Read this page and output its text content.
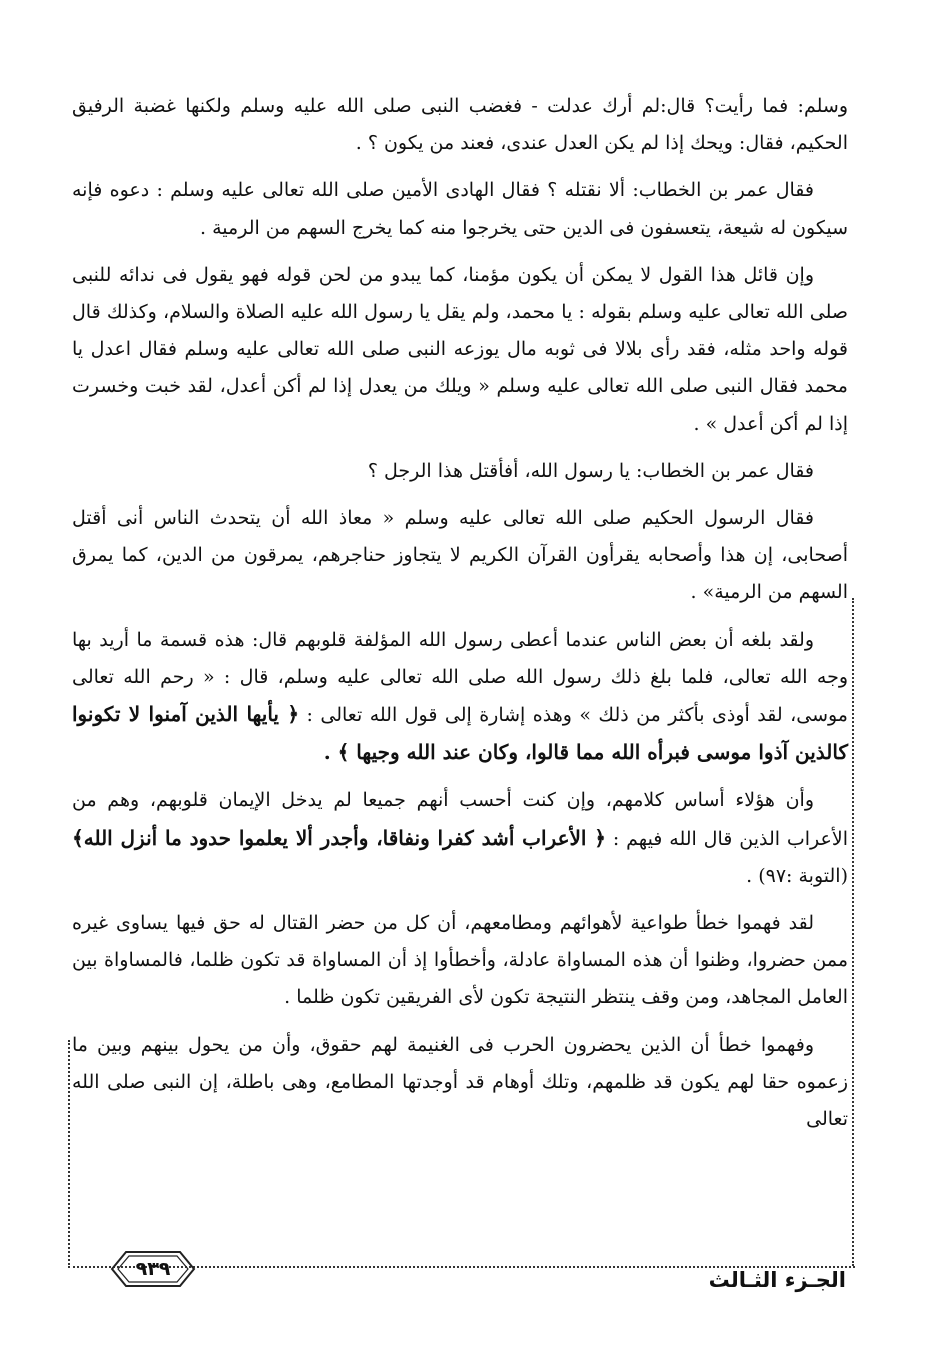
وسلم: فما رأيت؟ قال:لم أرك عدلت - فغضب النبى صلى الله عليه وسلم ولكنها غضبة الرفيق الحكيم، فقال: ويحك إذا لم يكن العدل عندى، فعند من يكون ؟ .

فقال عمر بن الخطاب: ألا نقتله ؟ فقال الهادى الأمين صلى الله تعالى عليه وسلم : دعوه فإنه سيكون له شيعة، يتعسفون فى الدين حتى يخرجوا منه كما يخرج السهم من الرمية .

وإن قائل هذا القول لا يمكن أن يكون مؤمنا، كما يبدو من لحن قوله فهو يقول فى ندائه للنبى صلى الله تعالى عليه وسلم بقوله : يا محمد، ولم يقل يا رسول الله عليه الصلاة والسلام، وكذلك قال قوله واحد مثله، فقد رأى بلالا فى ثوبه مال يوزعه النبى صلى الله تعالى عليه وسلم فقال اعدل يا محمد فقال النبى صلى الله تعالى عليه وسلم « ويلك من يعدل إذا لم أكن أعدل، لقد خبت وخسرت إذا لم أكن أعدل » .

فقال عمر بن الخطاب: يا رسول الله، أفأقتل هذا الرجل ؟

فقال الرسول الحكيم صلى الله تعالى عليه وسلم « معاذ الله أن يتحدث الناس أنى أقتل أصحابى، إن هذا وأصحابه يقرأون القرآن الكريم لا يتجاوز حناجرهم، يمرقون من الدين، كما يمرق السهم من الرمية» .

ولقد بلغه أن بعض الناس عندما أعطى رسول الله المؤلفة قلوبهم قال: هذه قسمة ما أريد بها وجه الله تعالى، فلما بلغ ذلك رسول الله صلى الله تعالى عليه وسلم، قال : « رحم الله تعالى موسى، لقد أوذى بأكثر من ذلك » وهذه إشارة إلى قول الله تعالى : ﴿ يأيها الذين آمنوا لا تكونوا كالذين آذوا موسى فبرأه الله مما قالوا، وكان عند الله وجيها ﴾ .

وأن هؤلاء أساس كلامهم، وإن كنت أحسب أنهم جميعا لم يدخل الإيمان قلوبهم، وهم من الأعراب الذين قال الله فيهم : ﴿ الأعراب أشد كفرا ونفاقا، وأجدر ألا يعلموا حدود ما أنزل الله﴾ (التوبة :٩٧) .

لقد فهموا خطأ طواعية لأهوائهم ومطامعهم، أن كل من حضر القتال له حق فيها يساوى غيره ممن حضروا، وظنوا أن هذه المساواة عادلة، وأخطأوا إذ أن المساواة قد تكون ظلما، فالمساواة بين العامل المجاهد، ومن وقف ينتظر النتيجة تكون لأى الفريقين تكون ظلما .

وفهموا خطأ أن الذين يحضرون الحرب فى الغنيمة لهم حقوق، وأن من يحول بينهم وبين ما زعموه حقا لهم يكون قد ظلمهم، وتلك أوهام قد أوجدتها المطامع، وهى باطلة، إن النبى صلى الله تعالى

٩٣٩	الجـزء الثـالث
